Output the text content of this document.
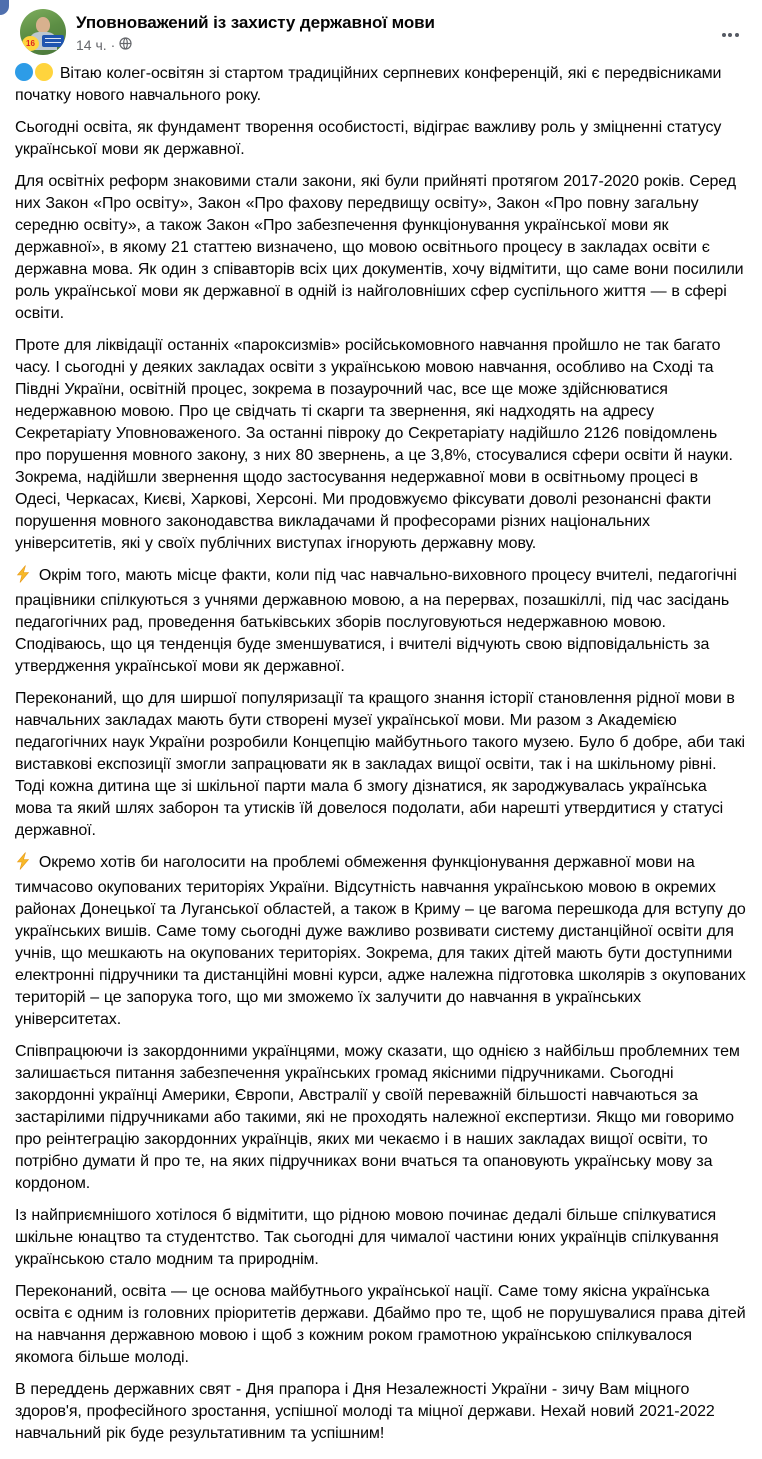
16
Уповноважений із захисту державної мови
14 ч. ·

Вітаю колег-освітян зі стартом традиційних серпневих конференцій, які є передвісниками початку нового навчального року.

Сьогодні освіта, як фундамент творення особистості, відіграє важливу роль у зміцненні статусу української мови як державної.

Для освітніх реформ знаковими стали закони, які були прийняті протягом 2017-2020 років. Серед них Закон «Про освіту», Закон «Про фахову передвищу освіту», Закон «Про повну загальну середню освіту», а також Закон «Про забезпечення функціонування української мови як державної», в якому 21 статтею визначено, що мовою освітнього процесу в закладах освіти є державна мова. Як один з співавторів всіх цих документів, хочу відмітити, що саме вони посилили роль української мови як державної в одній із найголовніших сфер суспільного життя — в сфері освіти.

Проте для ліквідації останніх «пароксизмів» російськомовного навчання пройшло не так багато часу. І сьогодні у деяких закладах освіти з українською мовою навчання, особливо на Сході та Півдні України, освітній процес, зокрема в позаурочний час, все ще може здійснюватися недержавною мовою. Про це свідчать ті скарги та звернення, які надходять на адресу Секретаріату Уповноваженого. За останні півроку до Секретаріату надійшло 2126 повідомлень про порушення мовного закону, з них 80 звернень, а це 3,8%, стосувалися сфери освіти й науки. Зокрема, надійшли звернення щодо застосування недержавної мови в освітньому процесі в Одесі, Черкасах, Києві, Харкові, Херсоні. Ми продовжуємо фіксувати доволі резонансні факти порушення мовного законодавства викладачами й професорами різних національних університетів, які у своїх публічних виступах ігнорують державну мову.

Окрім того, мають місце факти, коли під час навчально-виховного процесу вчителі, педагогічні працівники спілкуються з учнями державною мовою, а на перервах, позашкіллі, під час засідань педагогічних рад, проведення батьківських зборів послуговуються недержавною мовою. Сподіваюсь, що ця тенденція буде зменшуватися, і вчителі відчують свою відповідальність за утвердження української мови як державної.

Переконаний, що для ширшої популяризації та кращого знання історії становлення рідної мови в навчальних закладах мають бути створені музеї української мови. Ми разом з Академією педагогічних наук України розробили Концепцію майбутнього такого музею. Було б добре, аби такі виставкові експозиції змогли запрацювати як в закладах вищої освіти, так і на шкільному рівні. Тоді кожна дитина ще зі шкільної парти мала б змогу дізнатися, як зароджувалась українська мова та який шлях заборон та утисків їй довелося подолати, аби нарешті утвердитися у статусі державної.

Окремо хотів би наголосити на проблемі обмеження функціонування державної мови на тимчасово окупованих територіях України. Відсутність навчання українською мовою в окремих районах Донецької та Луганської областей, а також в Криму – це вагома перешкода для вступу до українських вишів. Саме тому сьогодні дуже важливо розвивати систему дистанційної освіти для учнів, що мешкають на окупованих територіях. Зокрема, для таких дітей мають бути доступними електронні підручники та дистанційні мовні курси, адже належна підготовка школярів з окупованих територій – це запорука того, що ми зможемо їх залучити до навчання в українських університетах.

Співпрацюючи із закордонними українцями, можу сказати, що однією з найбільш проблемних тем залишається питання забезпечення українських громад якісними підручниками. Сьогодні закордонні українці Америки, Європи, Австралії у своїй переважній більшості навчаються за застарілими підручниками або такими, які не проходять належної експертизи. Якщо ми говоримо про реінтеграцію закордонних українців, яких ми чекаємо і в наших закладах вищої освіти, то потрібно думати й про те, на яких підручниках вони вчаться та опановують українську мову за кордоном.

Із найприємнішого хотілося б відмітити, що рідною мовою починає дедалі більше спілкуватися шкільне юнацтво та студентство. Так сьогодні для чималої частини юних українців спілкування українською стало модним та природнім.

Переконаний, освіта — це основа майбутнього української нації. Саме тому якісна українська освіта є одним із головних пріоритетів держави. Дбаймо про те, щоб не порушувалися права дітей на навчання державною мовою і щоб з кожним роком грамотною українською спілкувалося якомога більше молоді.

В переддень державних свят - Дня прапора і Дня Незалежності України - зичу Вам міцного здоров'я, професійного зростання, успішної молоді та міцної держави. Нехай новий 2021-2022 навчальний рік буде результативним та успішним!
